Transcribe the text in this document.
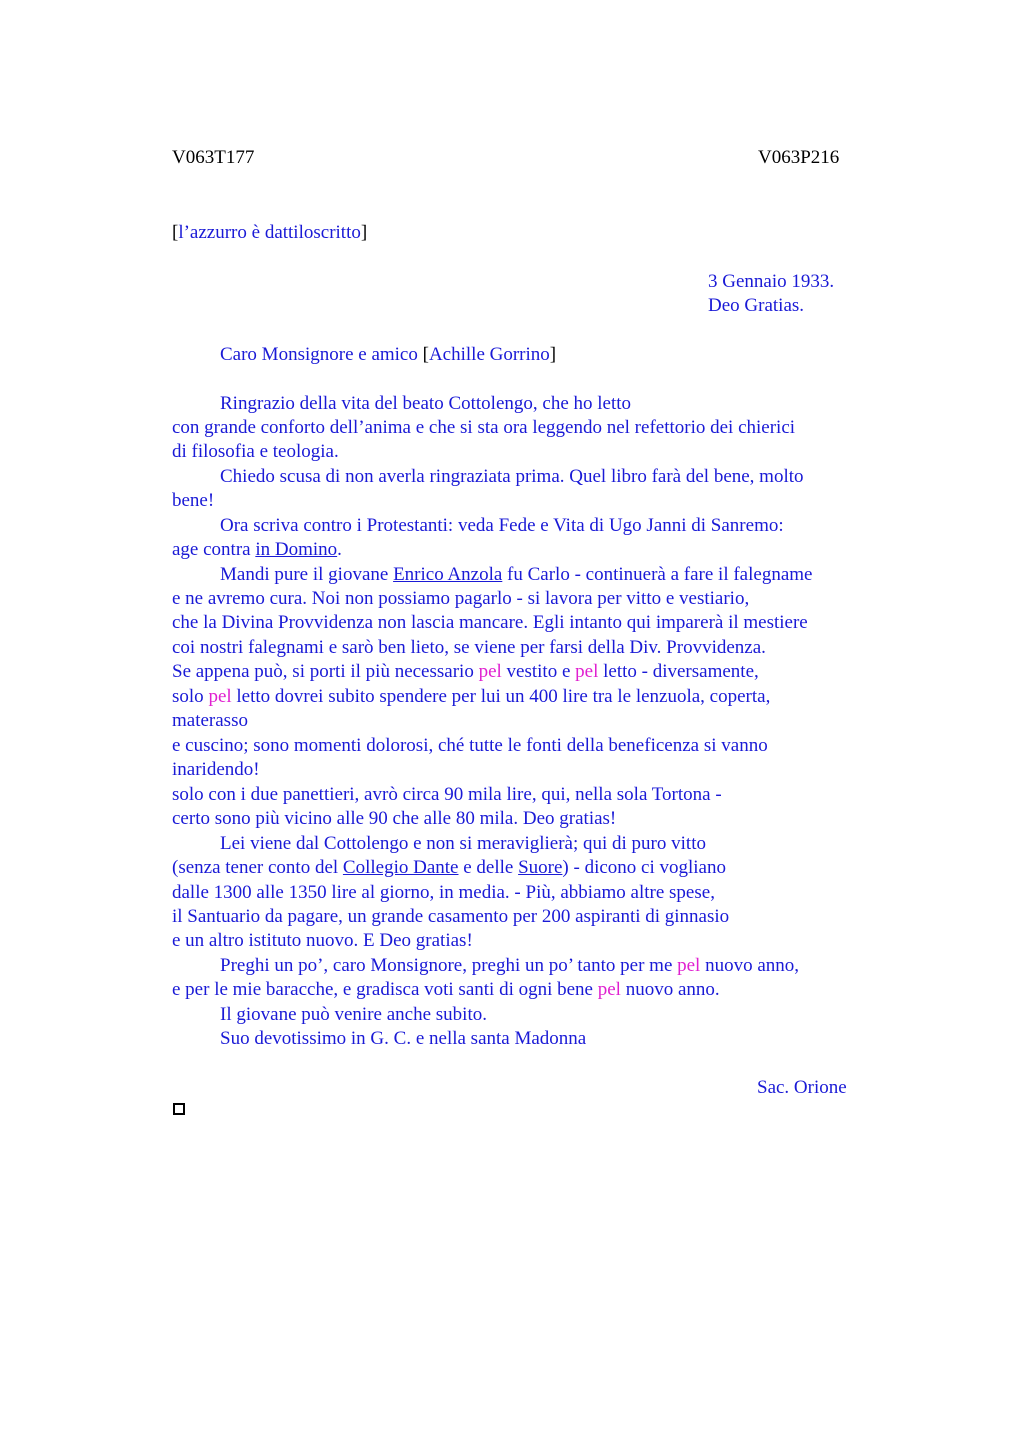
V063T177	V063P216
[l’azzurro è dattiloscritto]
3 Gennaio 1933.
Deo Gratias.
Caro Monsignore e amico [Achille Gorrino]
Ringrazio della vita del beato Cottolengo, che ho letto
con grande conforto dell’anima e che si sta ora leggendo nel refettorio dei chierici
di filosofia e teologia.
Chiedo scusa di non averla ringraziata prima. Quel libro farà del bene, molto
bene!
Ora scriva contro i Protestanti: veda Fede e Vita di Ugo Janni di Sanremo:
age contra in Domino.
Mandi pure il giovane Enrico Anzola fu Carlo - continuerà a fare il falegname
e ne avremo cura. Noi non possiamo pagarlo - si lavora per vitto e vestiario,
che la Divina Provvidenza non lascia mancare. Egli intanto qui imparerà il mestiere
coi nostri falegnami e sarò ben lieto, se viene per farsi della Div. Provvidenza.
Se appena può, si porti il più necessario pel vestito e pel letto - diversamente,
solo pel letto dovrei subito spendere per lui un 400 lire tra le lenzuola, coperta,
materasso
e cuscino; sono momenti dolorosi, ché tutte le fonti della beneficenza si vanno
inaridendo!
solo con i due panettieri, avrò circa 90 mila lire, qui, nella sola Tortona -
certo sono più vicino alle 90 che alle 80 mila. Deo gratias!
Lei viene dal Cottolengo e non si meraviglierà; qui di puro vitto
(senza tener conto del Collegio Dante e delle Suore) - dicono ci vogliano
dalle 1300 alle 1350 lire al giorno, in media. - Più, abbiamo altre spese,
il Santuario da pagare, un grande casamento per 200 aspiranti di ginnasio
e un altro istituto nuovo. E Deo gratias!
Preghi un po’, caro Monsignore, preghi un po’ tanto per me pel nuovo anno,
e per le mie baracche, e gradisca voti santi di ogni bene pel nuovo anno.
Il giovane può venire anche subito.
Suo devotissimo in G. C. e nella santa Madonna
Sac. Orione
